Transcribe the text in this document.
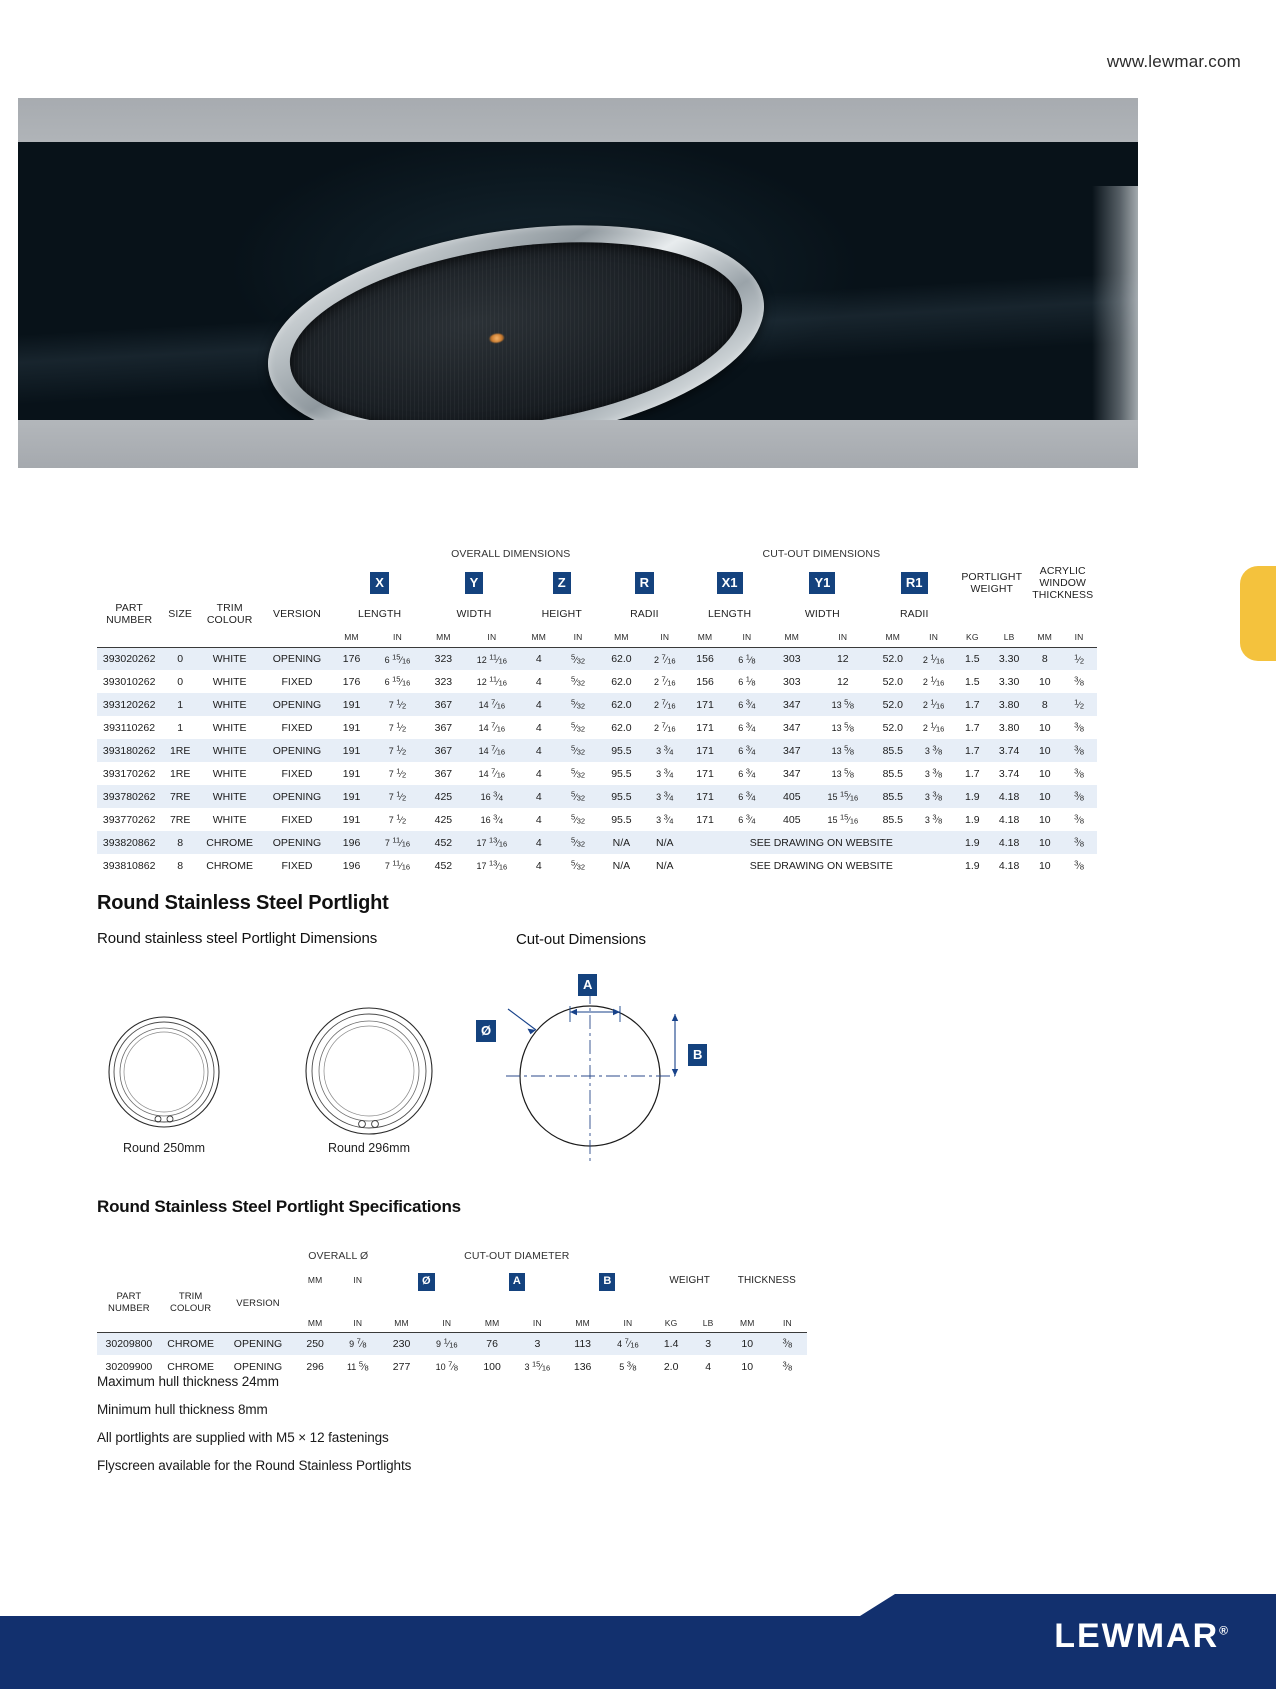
www.lewmar.com
				OVERALL DIMENSIONS								CUT-OUT DIMENSIONS									
				X		Y		Z		R		X1		Y1		R1		PORTLIGHT WEIGHT		ACRYLIC WINDOW THICKNESS	
PART NUMBER	SIZE	TRIM COLOUR	VERSION	LENGTH		WIDTH		HEIGHT		RADII		LENGTH		WIDTH		RADII					
				MM	IN	MM	IN	MM	IN	MM	IN	MM	IN	MM	IN	MM	IN	KG	LB	MM	IN
393020262	0	WHITE	OPENING	176	6 $^{15}⁄_{16}$	323	12 $^{11}⁄_{16}$	4	$^5⁄_{32}$	62.0	2 $^7⁄_{16}$	156	6 $^1⁄_8$	303	12	52.0	2 $^1⁄_{16}$	1.5	3.30	8	$^1⁄_2$
393010262	0	WHITE	FIXED	176	6 $^{15}⁄_{16}$	323	12 $^{11}⁄_{16}$	4	$^5⁄_{32}$	62.0	2 $^7⁄_{16}$	156	6 $^1⁄_8$	303	12	52.0	2 $^1⁄_{16}$	1.5	3.30	10	$^3⁄_8$
393120262	1	WHITE	OPENING	191	7 $^1⁄_2$	367	14 $^7⁄_{16}$	4	$^5⁄_{32}$	62.0	2 $^7⁄_{16}$	171	6 $^3⁄_4$	347	13 $^5⁄_8$	52.0	2 $^1⁄_{16}$	1.7	3.80	8	$^1⁄_2$
393110262	1	WHITE	FIXED	191	7 $^1⁄_2$	367	14 $^7⁄_{16}$	4	$^5⁄_{32}$	62.0	2 $^7⁄_{16}$	171	6 $^3⁄_4$	347	13 $^5⁄_8$	52.0	2 $^1⁄_{16}$	1.7	3.80	10	$^3⁄_8$
393180262	1RE	WHITE	OPENING	191	7 $^1⁄_2$	367	14 $^7⁄_{16}$	4	$^5⁄_{32}$	95.5	3 $^3⁄_4$	171	6 $^3⁄_4$	347	13 $^5⁄_8$	85.5	3 $^3⁄_8$	1.7	3.74	10	$^3⁄_8$
393170262	1RE	WHITE	FIXED	191	7 $^1⁄_2$	367	14 $^7⁄_{16}$	4	$^5⁄_{32}$	95.5	3 $^3⁄_4$	171	6 $^3⁄_4$	347	13 $^5⁄_8$	85.5	3 $^3⁄_8$	1.7	3.74	10	$^3⁄_8$
393780262	7RE	WHITE	OPENING	191	7 $^1⁄_2$	425	16 $^3⁄_4$	4	$^5⁄_{32}$	95.5	3 $^3⁄_4$	171	6 $^3⁄_4$	405	15 $^{15}⁄_{16}$	85.5	3 $^3⁄_8$	1.9	4.18	10	$^3⁄_8$
393770262	7RE	WHITE	FIXED	191	7 $^1⁄_2$	425	16 $^3⁄_4$	4	$^5⁄_{32}$	95.5	3 $^3⁄_4$	171	6 $^3⁄_4$	405	15 $^{15}⁄_{16}$	85.5	3 $^3⁄_8$	1.9	4.18	10	$^3⁄_8$
393820862	8	CHROME	OPENING	196	7 $^{11}⁄_{16}$	452	17 $^{13}⁄_{16}$	4	$^5⁄_{32}$	N/A	N/A	SEE DRAWING ON WEBSITE						1.9	4.18	10	$^3⁄_8$
393810862	8	CHROME	FIXED	196	7 $^{11}⁄_{16}$	452	17 $^{13}⁄_{16}$	4	$^5⁄_{32}$	N/A	N/A	SEE DRAWING ON WEBSITE						1.9	4.18	10	$^3⁄_8$
Round Stainless Steel Portlight
Round stainless steel Portlight Dimensions	Cut-out Dimensions
Round 250mm	Round 296mm
A
B
Ø
Round Stainless Steel Portlight Specifications
			OVERALL Ø		CUT-OUT DIAMETER									
			MM	IN	Ø		A		B		WEIGHT		THICKNESS	
PART NUMBER	TRIM COLOUR	VERSION												
			MM	IN	MM	IN	MM	IN	MM	IN	KG	LB	MM	IN
30209800	CHROME	OPENING	250	9 $^7⁄_8$	230	9 $^1⁄_{16}$	76	3	113	4 $^7⁄_{16}$	1.4	3	10	$^3⁄_8$
30209900	CHROME	OPENING	296	11 $^5⁄_8$	277	10 $^7⁄_8$	100	3 $^{15}⁄_{16}$	136	5 $^3⁄_8$	2.0	4	10	$^3⁄_8$
Maximum hull thickness 24mm
Minimum hull thickness 8mm
All portlights are supplied with M5 × 12 fastenings
Flyscreen available for the Round Stainless Portlights
LEWMAR®
